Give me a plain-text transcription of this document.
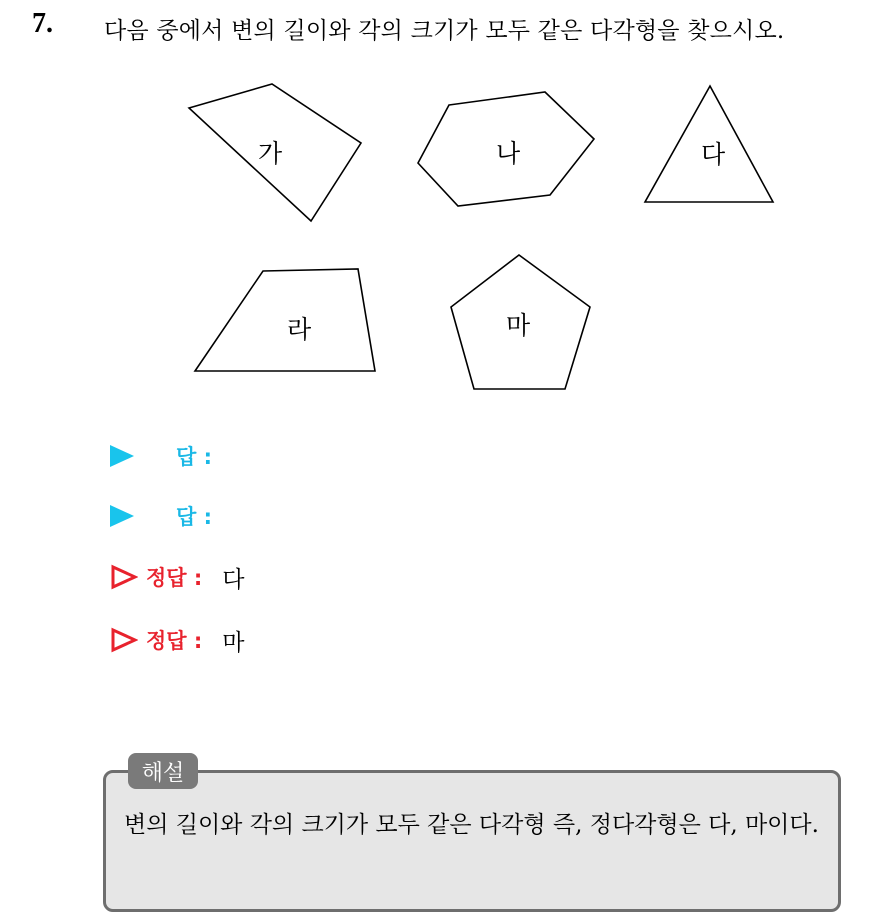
7. 다음 중에서 변의 길이와 각의 크기가 모두 같은 다각형을 찾으시오.
가	나	다
라	마
답 :
답 :
정답 : 다
정답 : 마
해설
변의 길이와 각의 크기가 모두 같은 다각형 즉, 정다각형은 다, 마이다.
